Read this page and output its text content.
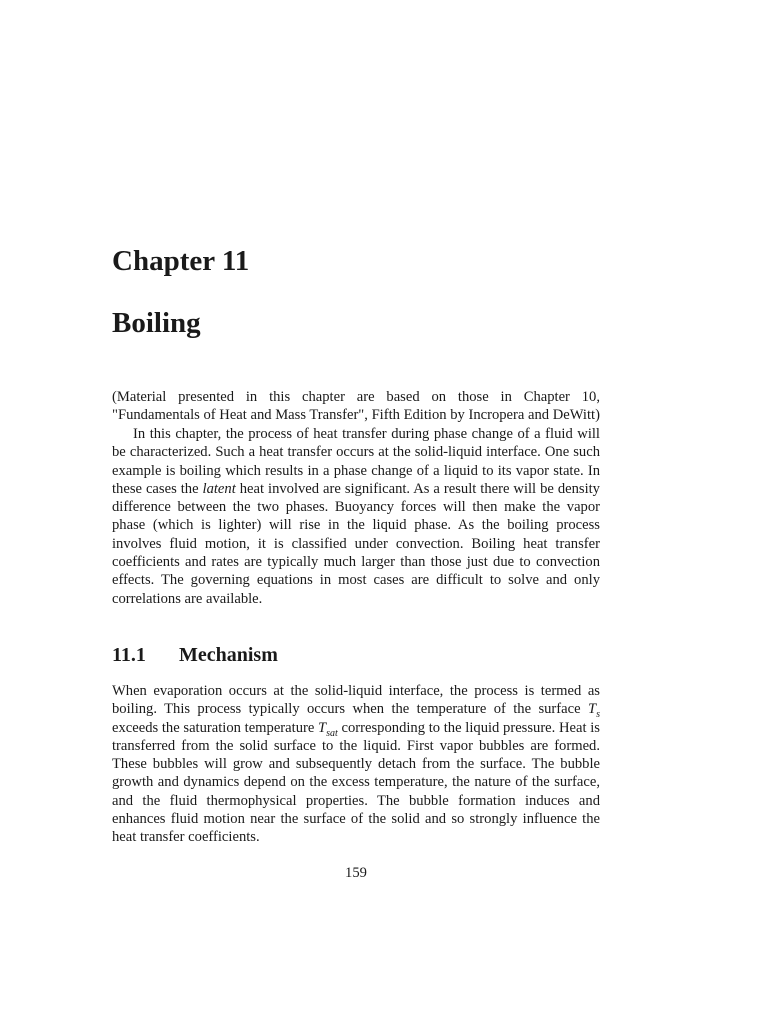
Chapter 11
Boiling

(Material presented in this chapter are based on those in Chapter 10, "Fundamentals of Heat and Mass Transfer", Fifth Edition by Incropera and DeWitt)

In this chapter, the process of heat transfer during phase change of a fluid will be characterized. Such a heat transfer occurs at the solid-liquid interface. One such example is boiling which results in a phase change of a liquid to its vapor state. In these cases the latent heat involved are significant. As a result there will be density difference between the two phases. Buoyancy forces will then make the vapor phase (which is lighter) will rise in the liquid phase. As the boiling process involves fluid motion, it is classified under convection. Boiling heat transfer coefficients and rates are typically much larger than those just due to convection effects. The governing equations in most cases are difficult to solve and only correlations are available.

11.1 Mechanism

When evaporation occurs at the solid-liquid interface, the process is termed as boiling. This process typically occurs when the temperature of the surface $T_s$ exceeds the saturation temperature $T_{sat}$ corresponding to the liquid pressure. Heat is transferred from the solid surface to the liquid. First vapor bubbles are formed. These bubbles will grow and subsequently detach from the surface. The bubble growth and dynamics depend on the excess temperature, the nature of the surface, and the fluid thermophysical properties. The bubble formation induces and enhances fluid motion near the surface of the solid and so strongly influence the heat transfer coefficients.

159
